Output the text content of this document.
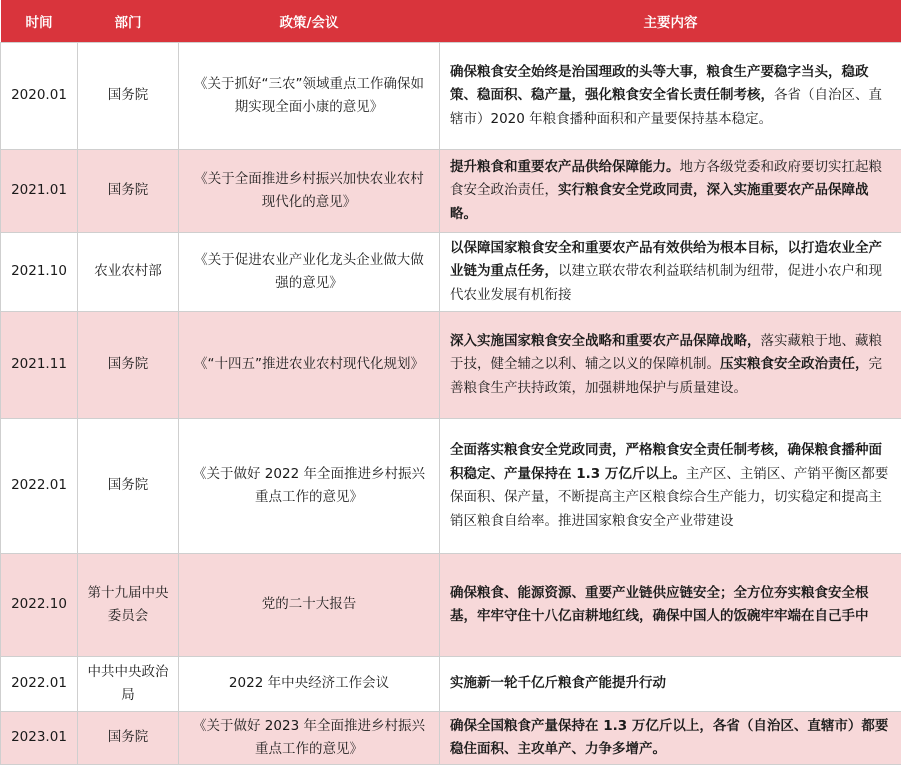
时间	部门	政策/会议	主要内容
2020.01	国务院	《关于抓好“三农”领域重点工作确保如期实现全面小康的意见》	确保粮食安全始终是治国理政的头等大事，粮食生产要稳字当头，稳政策、稳面积、稳产量，强化粮食安全省长责任制考核，各省（自治区、直辖市）2020 年粮食播种面积和产量要保持基本稳定。
2021.01	国务院	《关于全面推进乡村振兴加快农业农村现代化的意见》	提升粮食和重要农产品供给保障能力。地方各级党委和政府要切实扛起粮食安全政治责任，实行粮食安全党政同责，深入实施重要农产品保障战略。
2021.10	农业农村部	《关于促进农业产业化龙头企业做大做强的意见》	以保障国家粮食安全和重要农产品有效供给为根本目标，以打造农业全产业链为重点任务，以建立联农带农利益联结机制为纽带，促进小农户和现代农业发展有机衔接
2021.11	国务院	《“十四五”推进农业农村现代化规划》	深入实施国家粮食安全战略和重要农产品保障战略，落实藏粮于地、藏粮于技，健全辅之以利、辅之以义的保障机制。压实粮食安全政治责任，完善粮食生产扶持政策，加强耕地保护与质量建设。
2022.01	国务院	《关于做好 2022 年全面推进乡村振兴重点工作的意见》	全面落实粮食安全党政同责，严格粮食安全责任制考核，确保粮食播种面积稳定、产量保持在 1.3 万亿斤以上。主产区、主销区、产销平衡区都要保面积、保产量，不断提高主产区粮食综合生产能力，切实稳定和提高主销区粮食自给率。推进国家粮食安全产业带建设
2022.10	第十九届中央委员会	党的二十大报告	确保粮食、能源资源、重要产业链供应链安全；全方位夯实粮食安全根基，牢牢守住十八亿亩耕地红线，确保中国人的饭碗牢牢端在自己手中
2022.01	中共中央政治局	2022 年中央经济工作会议	实施新一轮千亿斤粮食产能提升行动
2023.01	国务院	《关于做好 2023 年全面推进乡村振兴重点工作的意见》	确保全国粮食产量保持在 1.3 万亿斤以上，各省（自治区、直辖市）都要稳住面积、主攻单产、力争多增产。
